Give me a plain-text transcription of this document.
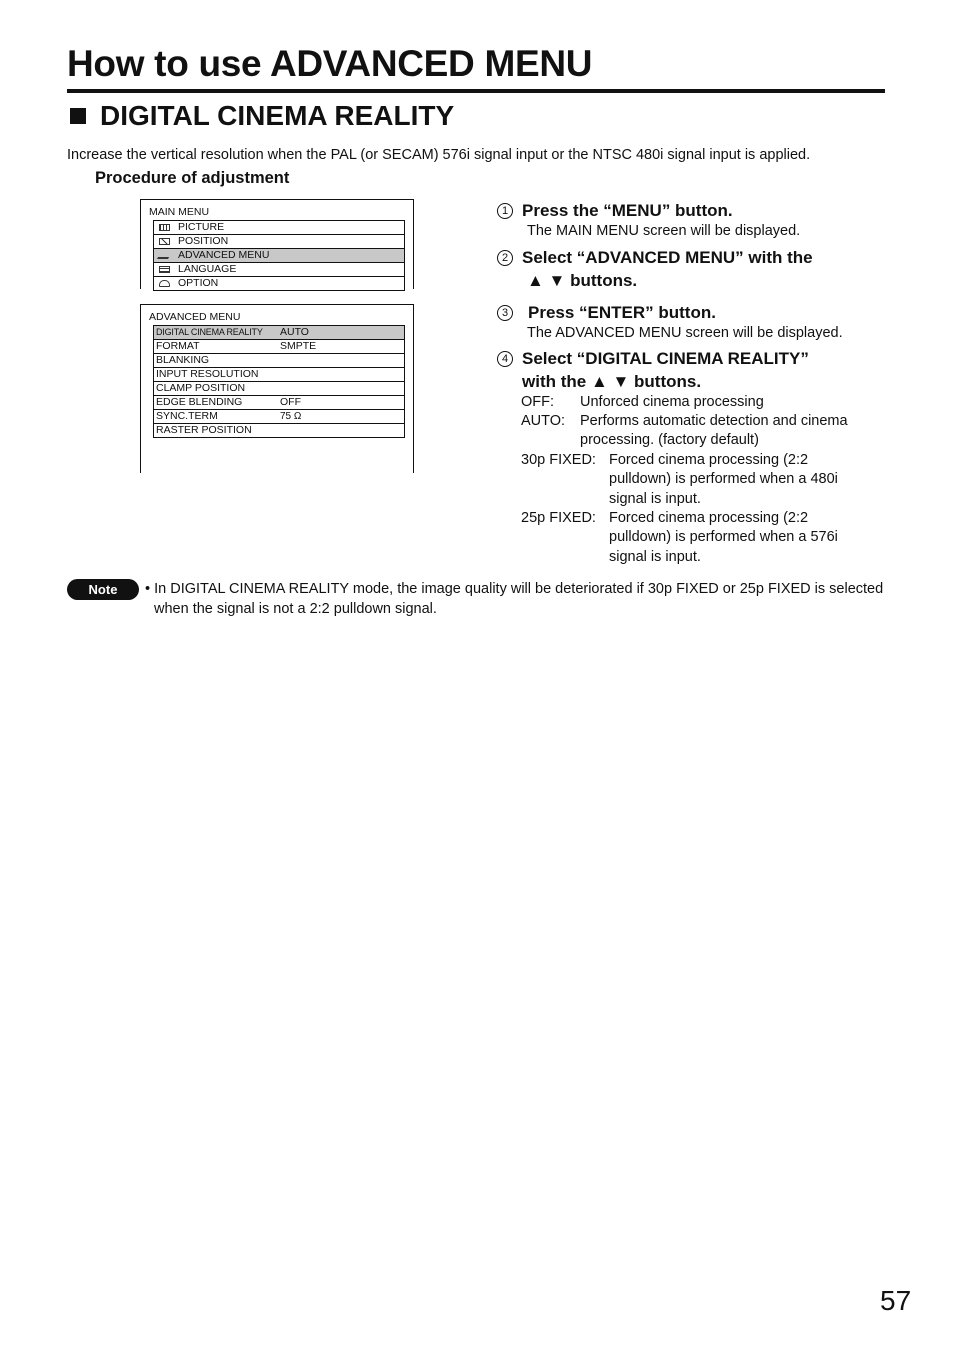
How to use ADVANCED MENU
DIGITAL CINEMA REALITY
Increase the vertical resolution when the PAL (or SECAM) 576i signal input or the NTSC 480i signal input is applied.
Procedure of adjustment
MAIN MENU
PICTURE
POSITION
ADVANCED MENU
LANGUAGE
OPTION
ADVANCED MENU
DIGITAL CINEMA REALITY AUTO
FORMAT	SMPTE
BLANKING
INPUT RESOLUTION
CLAMP POSITION
EDGE BLENDING	OFF
SYNC.TERM	75 Ω
RASTER POSITION
1 Press the “MENU” button.
The MAIN MENU screen will be displayed.
2 Select “ADVANCED MENU” with the
▲ ▼ buttons.
3 Press “ENTER” button.
The ADVANCED MENU screen will be displayed.
4 Select “DIGITAL CINEMA REALITY”
with the ▲ ▼ buttons.
OFF:	Unforced cinema processing
AUTO:	Performs automatic detection and cinema
processing. (factory default)
30p FIXED: Forced cinema processing (2:2
pulldown) is performed when a 480i
signal is input.
25p FIXED: Forced cinema processing (2:2
pulldown) is performed when a 576i
signal is input.
Note	• In DIGITAL CINEMA REALITY mode, the image quality will be deteriorated if 30p FIXED or 25p FIXED is selected when the signal is not a 2:2 pulldown signal.
57
